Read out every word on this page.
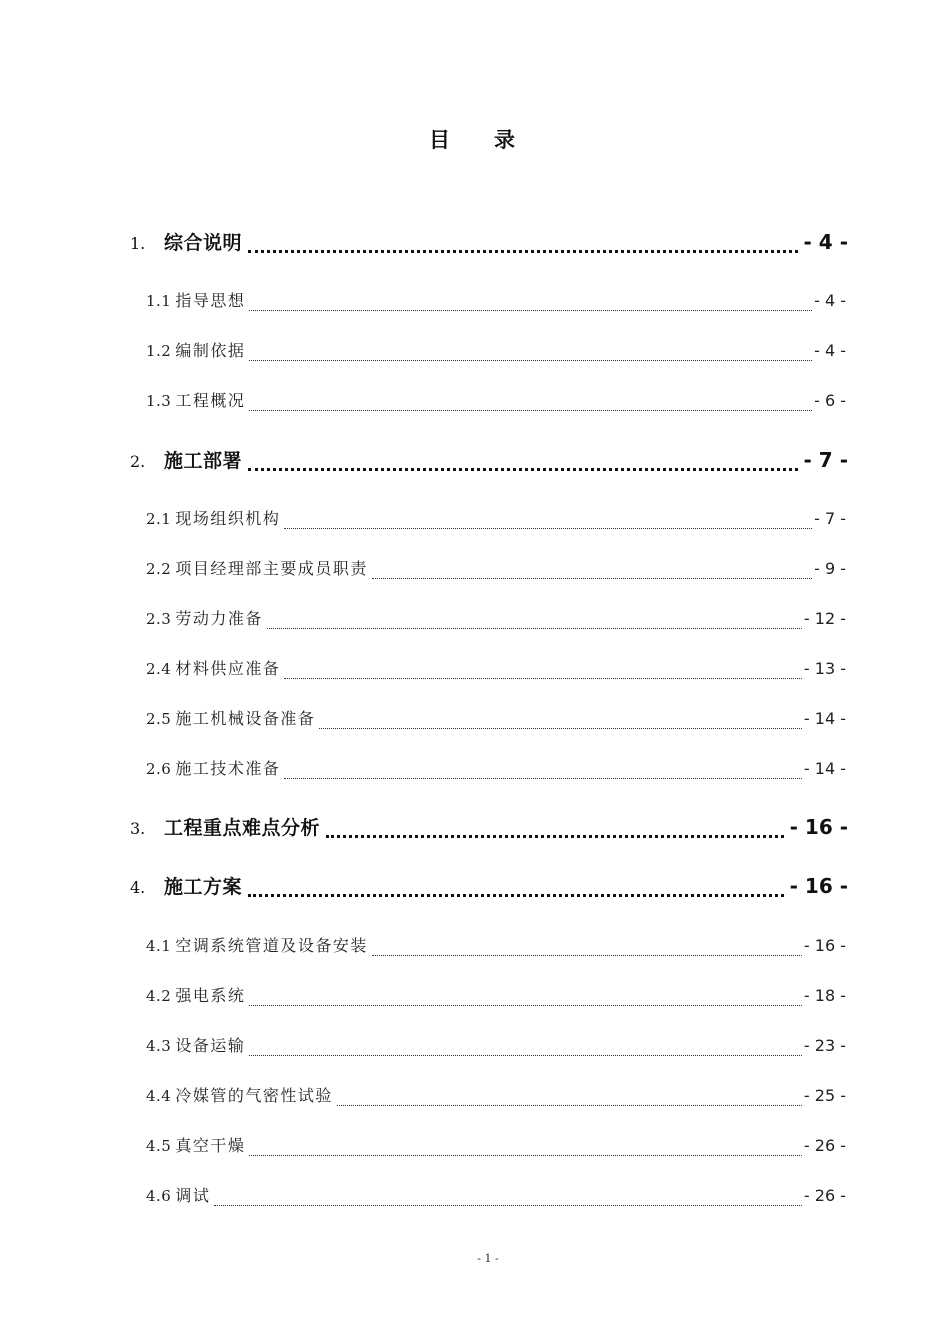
目录
1. 综合说明	- 4 -
1.1 指导思想	- 4 -
1.2 编制依据	- 4 -
1.3 工程概况	- 6 -
2. 施工部署	- 7 -
2.1 现场组织机构	- 7 -
2.2 项目经理部主要成员职责	- 9 -
2.3 劳动力准备	- 12 -
2.4 材料供应准备	- 13 -
2.5 施工机械设备准备	- 14 -
2.6 施工技术准备	- 14 -
3. 工程重点难点分析	- 16 -
4. 施工方案	- 16 -
4.1 空调系统管道及设备安装	- 16 -
4.2 强电系统	- 18 -
4.3 设备运输	- 23 -
4.4 冷媒管的气密性试验	- 25 -
4.5 真空干燥	- 26 -
4.6 调试	- 26 -
- 1 -
